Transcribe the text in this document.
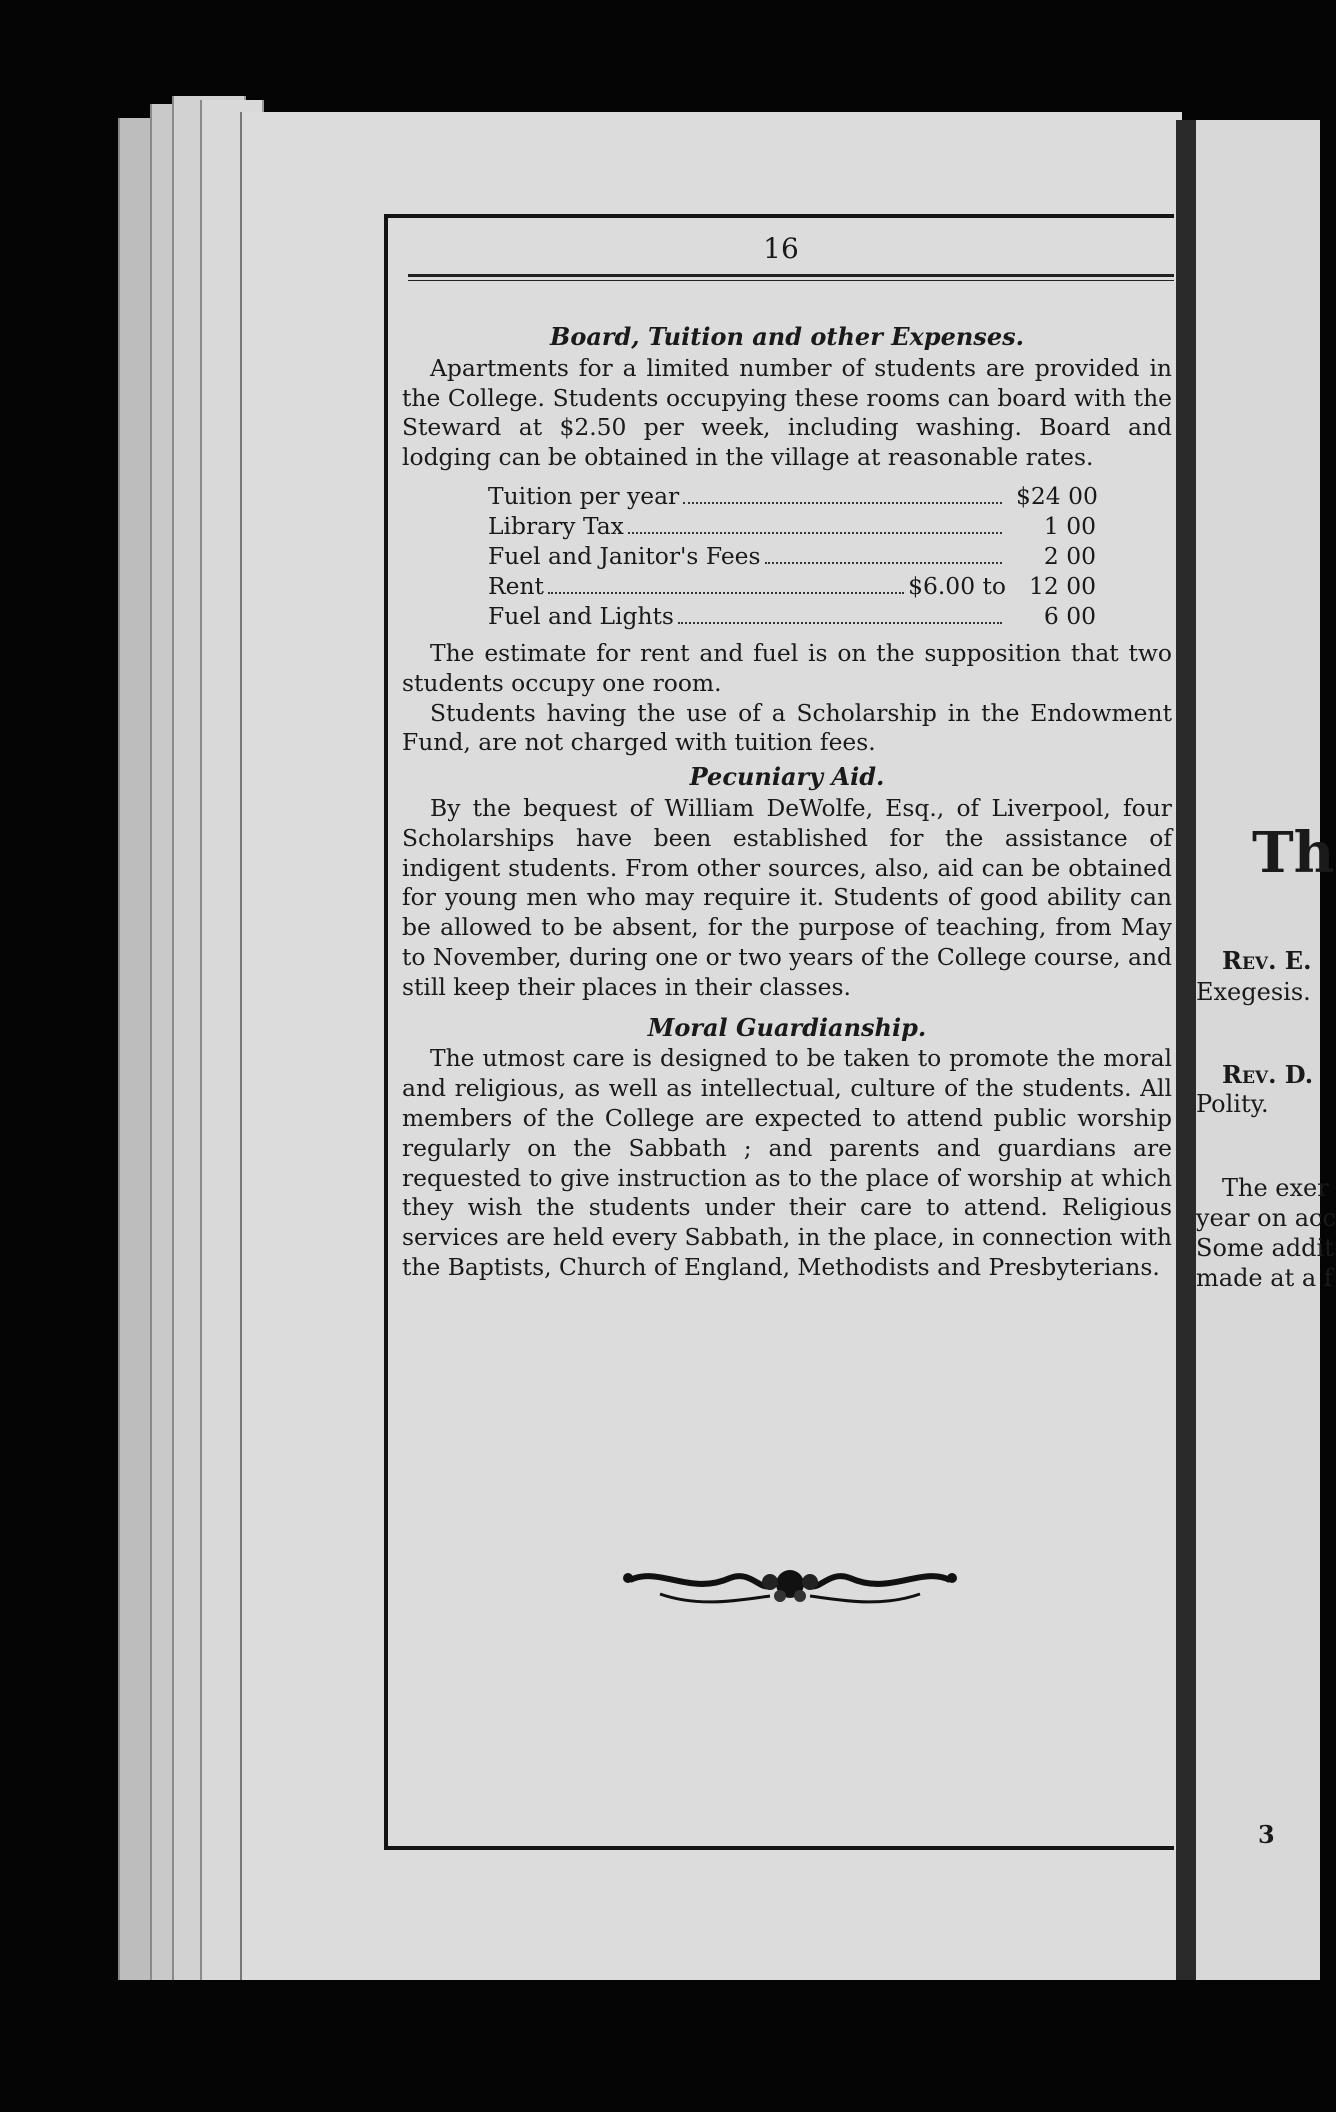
Th
Rev. E.
Exegesis.
Rev. D.
Polity.
The exer
year on acc
Some addit
made at a f
3
16
Board, Tuition and other Expenses.

Apartments for a limited number of students are provided in the College. Students occupying these rooms can board with the Steward at $2.50 per week, including washing. Board and lodging can be obtained in the village at reasonable rates.

Tuition per year	$24 00
Library Tax	1 00
Fuel and Janitor's Fees	2 00
Rent	$6.00 to 12 00
Fuel and Lights	6 00

The estimate for rent and fuel is on the supposition that two students occupy one room.

Students having the use of a Scholarship in the Endowment Fund, are not charged with tuition fees.

Pecuniary Aid.

By the bequest of William DeWolfe, Esq., of Liverpool, four Scholarships have been established for the assistance of indigent students. From other sources, also, aid can be obtained for young men who may require it. Students of good ability can be allowed to be absent, for the purpose of teaching, from May to November, during one or two years of the College course, and still keep their places in their classes.

Moral Guardianship.

The utmost care is designed to be taken to promote the moral and religious, as well as intellectual, culture of the students. All members of the College are expected to attend public worship regularly on the Sabbath ; and parents and guardians are requested to give instruction as to the place of worship at which they wish the students under their care to attend. Religious services are held every Sabbath, in the place, in connection with the Baptists, Church of England, Methodists and Presbyterians.
